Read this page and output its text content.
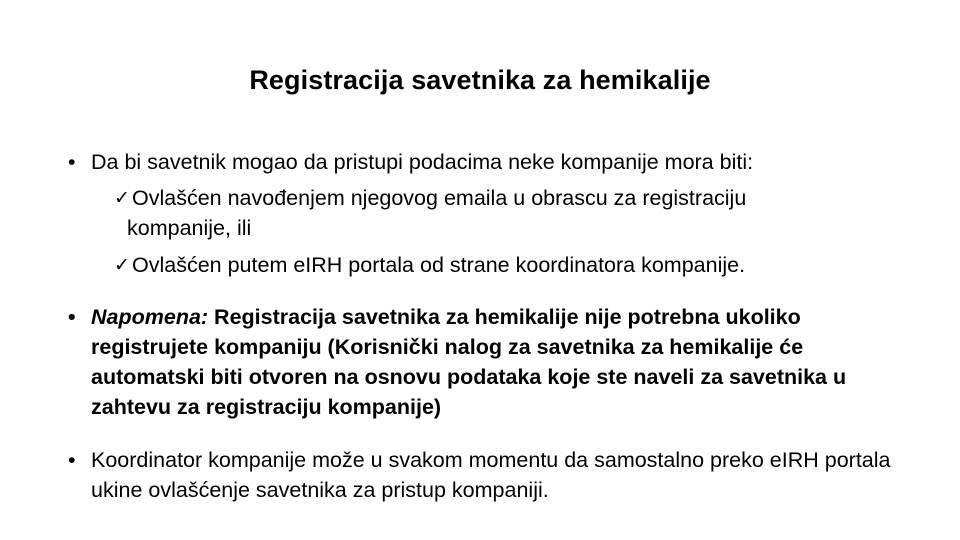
Registracija savetnika za hemikalije
• Da bi savetnik mogao da pristupi podacima neke kompanije mora biti:
✓ Ovlašćen navođenjem njegovog emaila u obrascu za registraciju
kompanije, ili
✓ Ovlašćen putem eIRH portala od strane koordinatora kompanije.
• Napomena: Registracija savetnika za hemikalije nije potrebna ukoliko registrujete kompaniju (Korisnički nalog za savetnika za hemikalije će automatski biti otvoren na osnovu podataka koje ste naveli za savetnika u zahtevu za registraciju kompanije)
• Koordinator kompanije može u svakom momentu da samostalno preko eIRH portala ukine ovlašćenje savetnika za pristup kompaniji.
